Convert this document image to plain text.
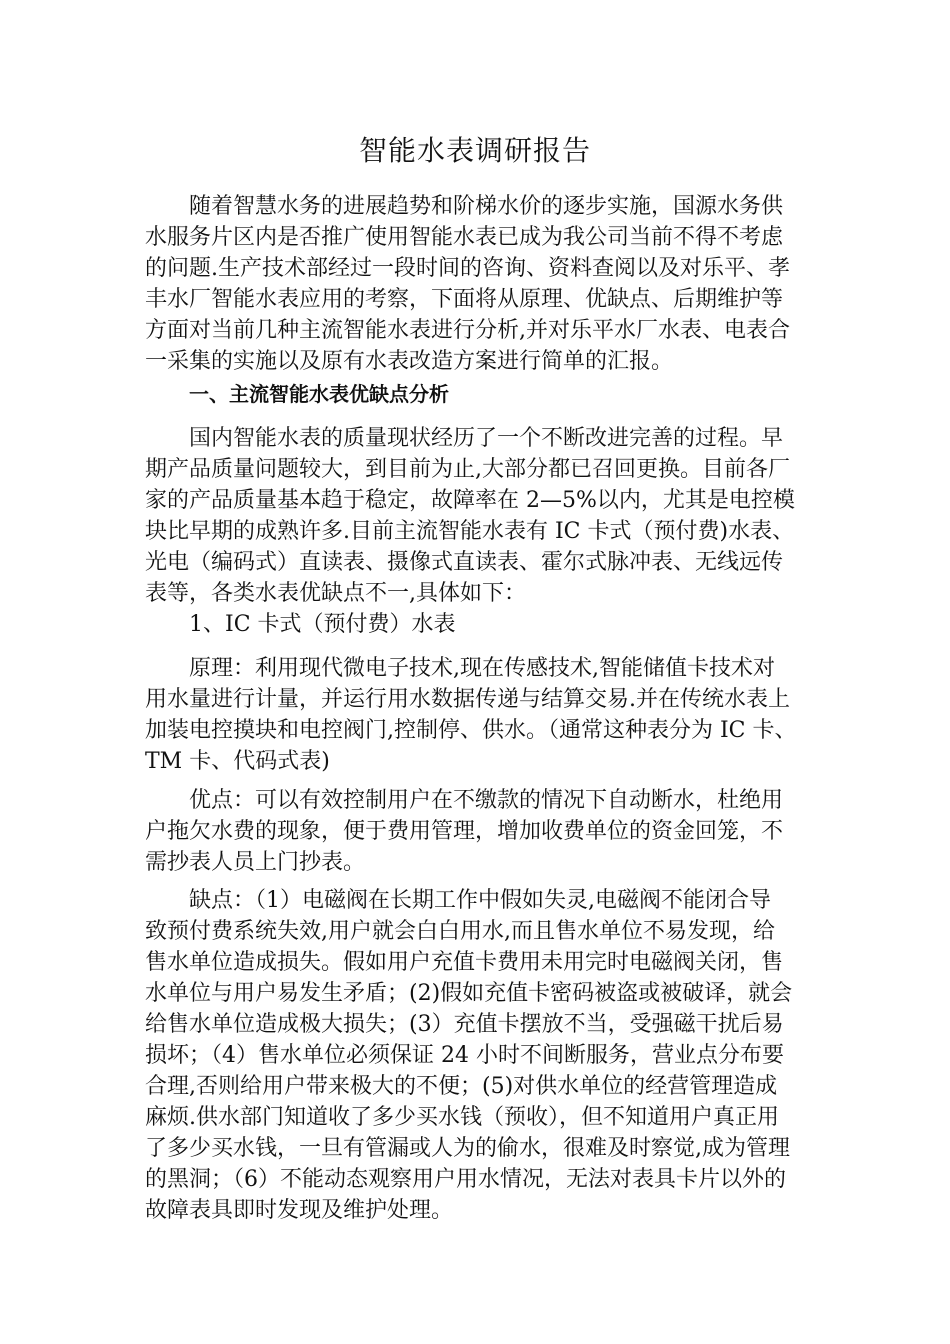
智能水表调研报告

随着智慧水务的进展趋势和阶梯水价的逐步实施，国源水务供
水服务片区内是否推广使用智能水表已成为我公司当前不得不考虑
的问题.生产技术部经过一段时间的咨询、资料查阅以及对乐平、孝
丰水厂智能水表应用的考察，下面将从原理、优缺点、后期维护等
方面对当前几种主流智能水表进行分析,并对乐平水厂水表、电表合
一采集的实施以及原有水表改造方案进行简单的汇报。

一、主流智能水表优缺点分析

国内智能水表的质量现状经历了一个不断改进完善的过程。早
期产品质量问题较大，到目前为止,大部分都已召回更换。目前各厂
家的产品质量基本趋于稳定，故障率在 2—5%以内，尤其是电控模
块比早期的成熟许多.目前主流智能水表有 IC 卡式（预付费)水表、
光电（编码式）直读表、摄像式直读表、霍尔式脉冲表、无线远传
表等，各类水表优缺点不一,具体如下：

1、IC 卡式（预付费）水表

原理：利用现代微电子技术,现在传感技术,智能储值卡技术对
用水量进行计量，并运行用水数据传递与结算交易.并在传统水表上
加装电控摸块和电控阀门,控制停、供水。（通常这种表分为 IC 卡、
TM 卡、代码式表)

优点：可以有效控制用户在不缴款的情况下自动断水，杜绝用
户拖欠水费的现象，便于费用管理，增加收费单位的资金回笼，不
需抄表人员上门抄表。

缺点：（1）电磁阀在长期工作中假如失灵,电磁阀不能闭合导
致预付费系统失效,用户就会白白用水,而且售水单位不易发现，给
售水单位造成损失。假如用户充值卡费用未用完时电磁阀关闭，售
水单位与用户易发生矛盾；(2)假如充值卡密码被盗或被破译，就会
给售水单位造成极大损失；(3）充值卡摆放不当，受强磁干扰后易
损坏；（4）售水单位必须保证 24 小时不间断服务，营业点分布要
合理,否则给用户带来极大的不便；(5)对供水单位的经营管理造成
麻烦.供水部门知道收了多少买水钱（预收），但不知道用户真正用
了多少买水钱，一旦有管漏或人为的偷水，很难及时察觉,成为管理
的黑洞；（6）不能动态观察用户用水情况，无法对表具卡片以外的
故障表具即时发现及维护处理。
